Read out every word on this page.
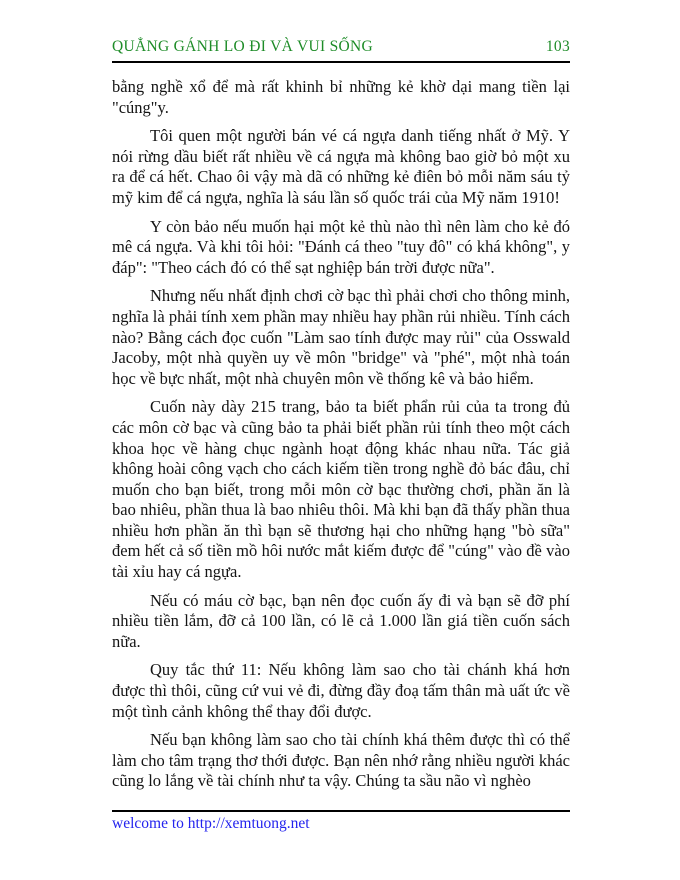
QUẲNG GÁNH LO ĐI VÀ VUI SỐNG	103

bằng nghề xổ để mà rất khinh bỉ những kẻ khờ dại mang tiền lại "cúng"y.

Tôi quen một người bán vé cá ngựa danh tiếng nhất ở Mỹ. Y nói rừng dầu biết rất nhiều về cá ngựa mà không bao giờ bỏ một xu ra để cá hết. Chao ôi vậy mà dã có những kẻ điên bỏ mỗi năm sáu tỷ mỹ kim để cá ngựa, nghĩa là sáu lần số quốc trái của Mỹ năm 1910!

Y còn bảo nếu muốn hại một kẻ thù nào thì nên làm cho kẻ đó mê cá ngựa. Và khi tôi hỏi: "Đánh cá theo "tuy đô" có khá không", y đáp": "Theo cách đó có thể sạt nghiệp bán trời được nữa".

Nhưng nếu nhất định chơi cờ bạc thì phải chơi cho thông minh, nghĩa là phải tính xem phần may nhiều hay phần rủi nhiều. Tính cách nào? Bằng cách đọc cuốn "Làm sao tính được may rủi" của Osswald Jacoby, một nhà quyền uy về môn "bridge" và "phé", một nhà toán học về bực nhất, một nhà chuyên môn về thống kê và bảo hiểm.

Cuốn này dày 215 trang, bảo ta biết phẩn rủi của ta trong đủ các môn cờ bạc và cũng bảo ta phải biết phần rủi tính theo một cách khoa học về hàng chục ngành hoạt động khác nhau nữa. Tác giả không hoài công vạch cho cách kiếm tiền trong nghề đỏ bác đâu, chỉ muốn cho bạn biết, trong mỗi môn cờ bạc thường chơi, phần ăn là bao nhiêu, phần thua là bao nhiêu thôi. Mà khi bạn đã thấy phần thua nhiều hơn phần ăn thì bạn sẽ thương hại cho những hạng "bò sữa" đem hết cả số tiền mồ hôi nước mắt kiếm được để "cúng" vào đề vào tài xỉu hay cá ngựa.

Nếu có máu cờ bạc, bạn nên đọc cuốn ấy đi và bạn sẽ đỡ phí nhiều tiền lắm, đỡ cả 100 lần, có lẽ cả 1.000 lần giá tiền cuốn sách nữa.

Quy tắc thứ 11: Nếu không làm sao cho tài chánh khá hơn được thì thôi, cũng cứ vui vẻ đi, đừng đầy đoạ tấm thân mà uất ức về một tình cảnh không thể thay đổi được.

Nếu bạn không làm sao cho tài chính khá thêm được thì có thể làm cho tâm trạng thơ thới được. Bạn nên nhớ rằng nhiều người khác cũng lo lắng về tài chính như ta vậy. Chúng ta sầu não vì nghèo

welcome to http://xemtuong.net
